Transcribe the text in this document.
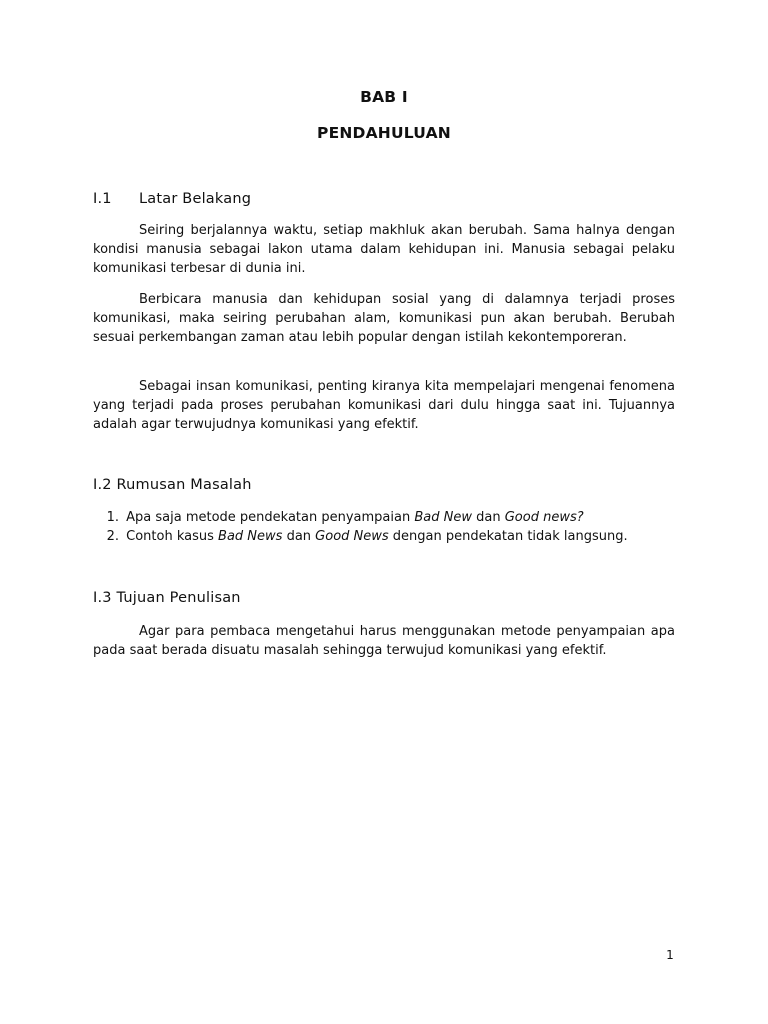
BAB I
PENDAHULUAN
I.1 Latar Belakang

Seiring berjalannya waktu, setiap makhluk akan berubah. Sama halnya dengan kondisi manusia sebagai lakon utama dalam kehidupan ini. Manusia sebagai pelaku komunikasi terbesar di dunia ini.

Berbicara manusia dan kehidupan sosial yang di dalamnya terjadi proses komunikasi, maka seiring perubahan alam, komunikasi pun akan berubah. Berubah sesuai perkembangan zaman atau lebih popular dengan istilah kekontemporeran.

Sebagai insan komunikasi, penting kiranya kita mempelajari mengenai fenomena yang terjadi pada proses perubahan komunikasi dari dulu hingga saat ini. Tujuannya adalah agar terwujudnya komunikasi yang efektif.

I.2 Rumusan Masalah
1. Apa saja metode pendekatan penyampaian Bad New dan Good news?
2. Contoh kasus Bad News dan Good News dengan pendekatan tidak langsung.
I.3 Tujuan Penulisan

Agar para pembaca mengetahui harus menggunakan metode penyampaian apa pada saat berada disuatu masalah sehingga terwujud komunikasi yang efektif.

1
